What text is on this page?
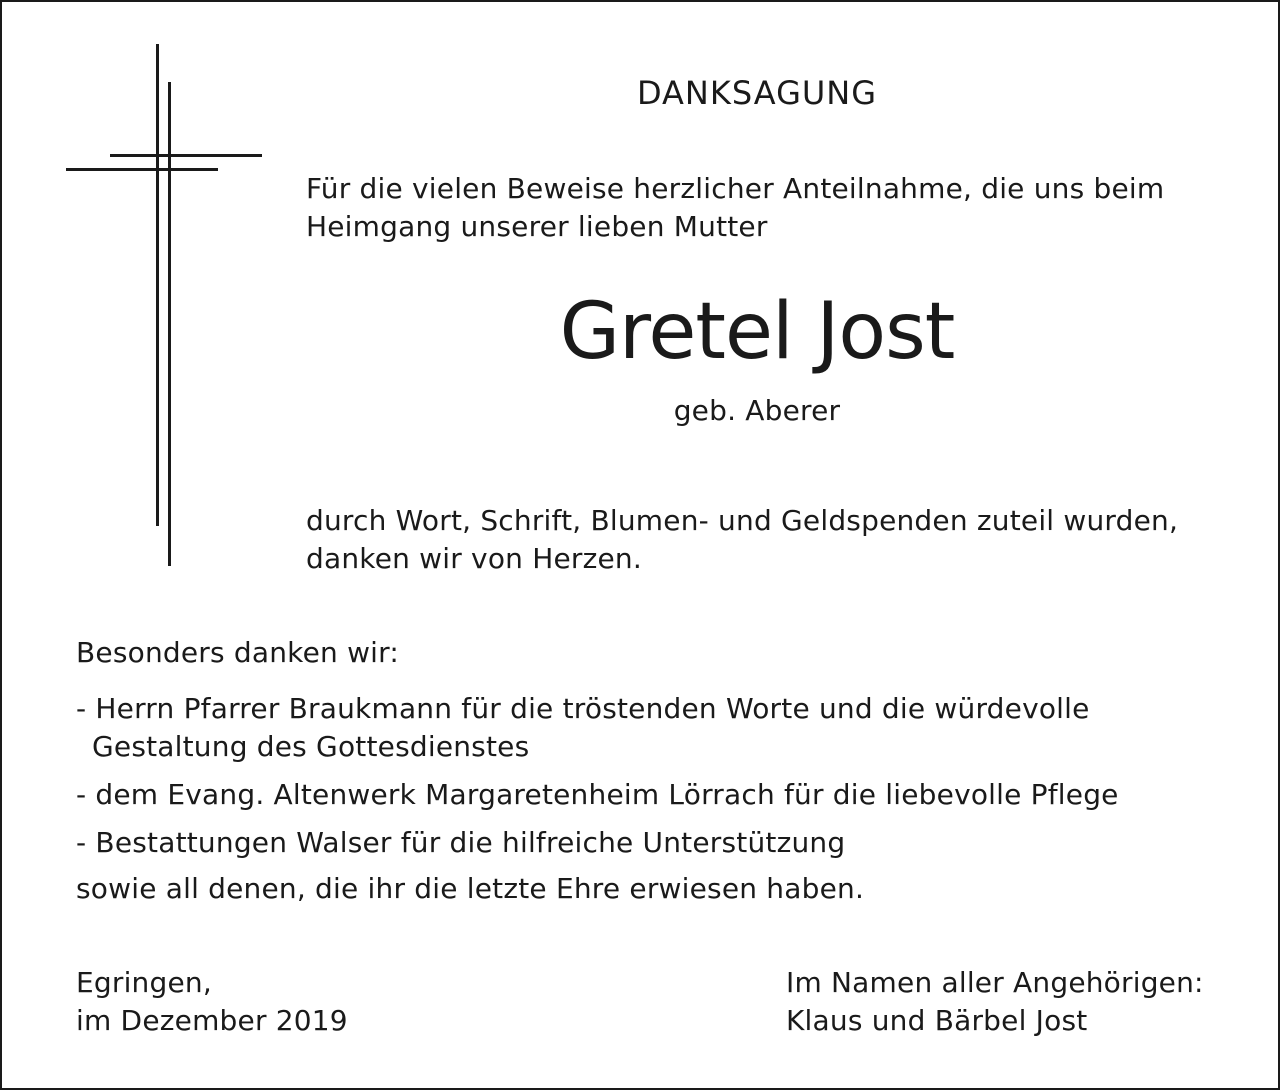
DANKSAGUNG
Für die vielen Beweise herzlicher Anteilnahme, die uns beim
Heimgang unserer lieben Mutter
Gretel Jost
geb. Aberer
durch Wort, Schrift, Blumen- und Geldspenden zuteil wurden,
danken wir von Herzen.
Besonders danken wir:
- Herrn Pfarrer Braukmann für die tröstenden Worte und die würdevolle
Gestaltung des Gottesdienstes
- dem Evang. Altenwerk Margaretenheim Lörrach für die liebevolle Pflege
- Bestattungen Walser für die hilfreiche Unterstützung
sowie all denen, die ihr die letzte Ehre erwiesen haben.
Egringen,
im Dezember 2019
Im Namen aller Angehörigen:
Klaus und Bärbel Jost
